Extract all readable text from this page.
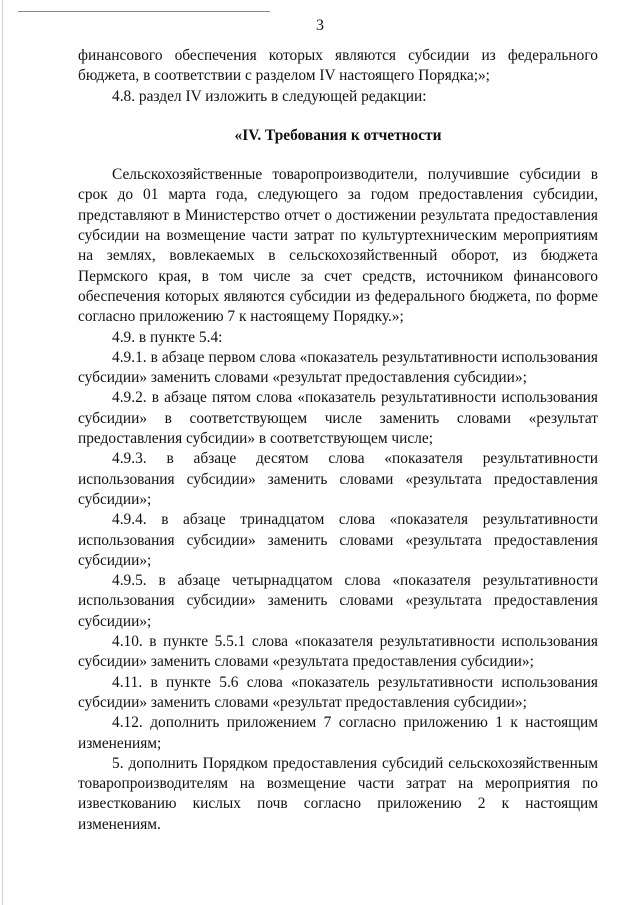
3

финансового обеспечения которых являются субсидии из федерального бюджета, в соответствии с разделом IV настоящего Порядка;»;

4.8. раздел IV изложить в следующей редакции:

«IV. Требования к отчетности

Сельскохозяйственные товаропроизводители, получившие субсидии в срок до 01 марта года, следующего за годом предоставления субсидии, представляют в Министерство отчет о достижении результата предоставления субсидии на возмещение части затрат по культуртехническим мероприятиям на землях, вовлекаемых в сельскохозяйственный оборот, из бюджета Пермского края, в том числе за счет средств, источником финансового обеспечения которых являются субсидии из федерального бюджета, по форме согласно приложению 7 к настоящему Порядку.»;

4.9. в пункте 5.4:

4.9.1. в абзаце первом слова «показатель результативности использования субсидии» заменить словами «результат предоставления субсидии»;

4.9.2. в абзаце пятом слова «показатель результативности использования субсидии» в соответствующем числе заменить словами «результат предоставления субсидии» в соответствующем числе;

4.9.3. в абзаце десятом слова «показателя результативности использования субсидии» заменить словами «результата предоставления субсидии»;

4.9.4. в абзаце тринадцатом слова «показателя результативности использования субсидии» заменить словами «результата предоставления субсидии»;

4.9.5. в абзаце четырнадцатом слова «показателя результативности использования субсидии» заменить словами «результата предоставления субсидии»;

4.10. в пункте 5.5.1 слова «показателя результативности использования субсидии» заменить словами «результата предоставления субсидии»;

4.11. в пункте 5.6 слова «показатель результативности использования субсидии» заменить словами «результат предоставления субсидии»;

4.12. дополнить приложением 7 согласно приложению 1 к настоящим изменениям;

5. дополнить Порядком предоставления субсидий сельскохозяйственным товаропроизводителям на возмещение части затрат на мероприятия по известкованию кислых почв согласно приложению 2 к настоящим изменениям.
